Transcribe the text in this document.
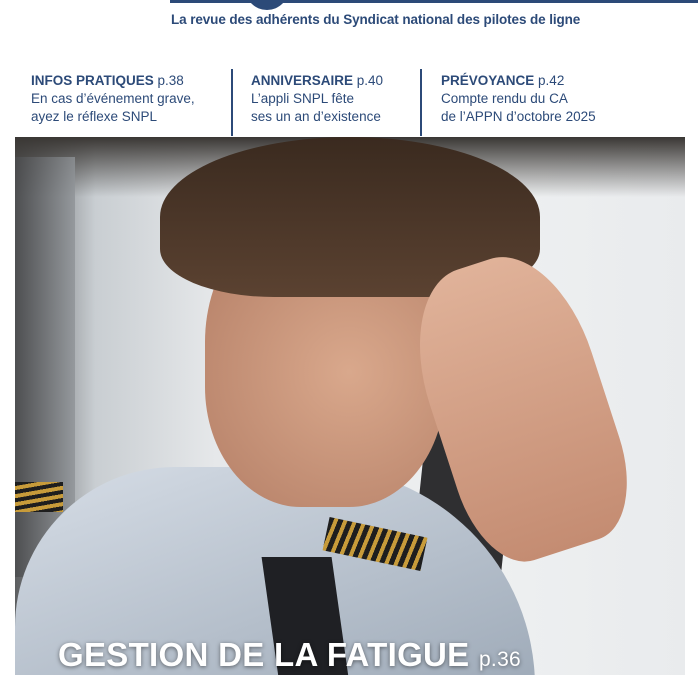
La revue des adhérents du Syndicat national des pilotes de ligne
INFOS PRATIQUES p.38
En cas d’événement grave,
ayez le réflexe SNPL
ANNIVERSAIRE p.40
L’appli SNPL fête
ses un an d’existence
PRÉVOYANCE p.42
Compte rendu du CA
de l’APPN d’octobre 2025
GESTION DE LA FATIGUE p.36
